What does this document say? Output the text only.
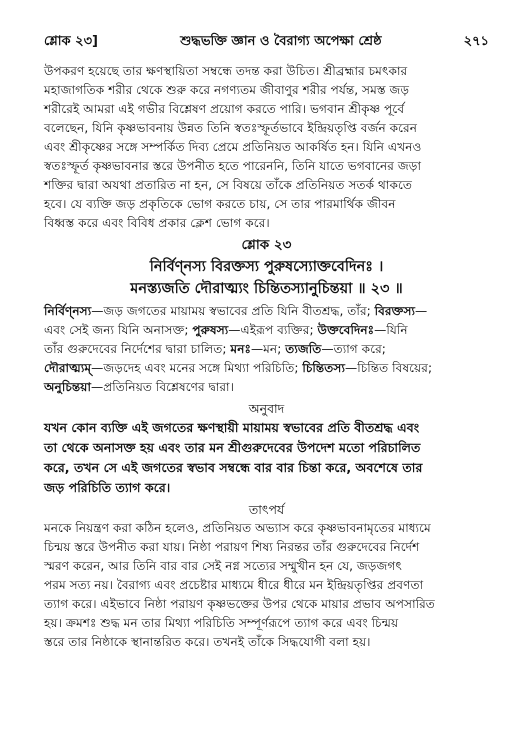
শ্লোক ২৩]	শুদ্ধভক্তি জ্ঞান ও বৈরাগ্য অপেক্ষা শ্রেষ্ঠ	২৭১

উপকরণ হয়েছে তার ক্ষণস্থায়িতা সম্বন্ধে তদন্ত করা উচিত। শ্রীব্রহ্মার চমৎকার
মহাজাগতিক শরীর থেকে শুরু করে নগণ্যতম জীবাণুর শরীর পর্যন্ত, সমস্ত জড়
শরীরেই আমরা এই গভীর বিশ্লেষণ প্রয়োগ করতে পারি। ভগবান শ্রীকৃষ্ণ পূর্বে
বলেছেন, যিনি কৃষ্ণভাবনায় উন্নত তিনি স্বতঃস্ফূর্তভাবে ইন্দ্রিয়তৃপ্তি বর্জন করেন
এবং শ্রীকৃষ্ণের সঙ্গে সম্পর্কিত দিব্য প্রেমে প্রতিনিয়ত আকর্ষিত হন। যিনি এখনও
স্বতঃস্ফূর্ত কৃষ্ণভাবনার স্তরে উপনীত হতে পারেননি, তিনি যাতে ভগবানের জড়া
শক্তির দ্বারা অযথা প্রতারিত না হন, সে বিষয়ে তাঁকে প্রতিনিয়ত সতর্ক থাকতে
হবে। যে ব্যক্তি জড় প্রকৃতিকে ভোগ করতে চায়, সে তার পারমার্থিক জীবন
বিধ্বস্ত করে এবং বিবিধ প্রকার ক্লেশ ভোগ করে।

শ্লোক ২৩
নির্বিণ্নস্য বিরক্তস্য পুরুষস্যোক্তবেদিনঃ ।
মনস্ত্যজতি দৌরাত্ম্যং চিন্তিতস্যানুচিন্তয়া ॥ ২৩ ॥

নির্বিণ্নস্য—জড় জগতের মায়াময় স্বভাবের প্রতি যিনি বীতশ্রদ্ধ, তাঁর; বিরক্তস্য—
এবং সেই জন্য যিনি অনাসক্ত; পুরুষস্য—এইরূপ ব্যক্তির; উক্তবেদিনঃ—যিনি
তাঁর গুরুদেবের নির্দেশের দ্বারা চালিত; মনঃ—মন; ত্যজতি—ত্যাগ করে;
দৌরাত্ম্যম্—জড়দেহ এবং মনের সঙ্গে মিথ্যা পরিচিতি; চিন্তিতস্য—চিন্তিত বিষয়ের;
অনুচিন্তয়া—প্রতিনিয়ত বিশ্লেষণের দ্বারা।

অনুবাদ

যখন কোন ব্যক্তি এই জগতের ক্ষণস্থায়ী মায়াময় স্বভাবের প্রতি বীতশ্রদ্ধ এবং
তা থেকে অনাসক্ত হয় এবং তার মন শ্রীগুরুদেবের উপদেশ মতো পরিচালিত
করে, তখন সে এই জগতের স্বভাব সম্বন্ধে বার বার চিন্তা করে, অবশেষে তার
জড় পরিচিতি ত্যাগ করে।

তাৎপর্য

মনকে নিয়ন্ত্রণ করা কঠিন হলেও, প্রতিনিয়ত অভ্যাস করে কৃষ্ণভাবনামৃতের মাধ্যমে
চিন্ময় স্তরে উপনীত করা যায়। নিষ্ঠা পরায়ণ শিষ্য নিরন্তর তাঁর গুরুদেবের নির্দেশ
স্মরণ করেন, আর তিনি বার বার সেই নগ্ন সত্যের সম্মুখীন হন যে, জড়জগৎ
পরম সত্য নয়। বৈরাগ্য এবং প্রচেষ্টার মাধ্যমে ধীরে ধীরে মন ইন্দ্রিয়তৃপ্তির প্রবণতা
ত্যাগ করে। এইভাবে নিষ্ঠা পরায়ণ কৃষ্ণভক্তের উপর থেকে মায়ার প্রভাব অপসারিত
হয়। ক্রমশঃ শুদ্ধ মন তার মিথ্যা পরিচিতি সম্পূর্ণরূপে ত্যাগ করে এবং চিন্ময়
স্তরে তার নিষ্ঠাকে স্থানান্তরিত করে। তখনই তাঁকে সিদ্ধযোগী বলা হয়।
